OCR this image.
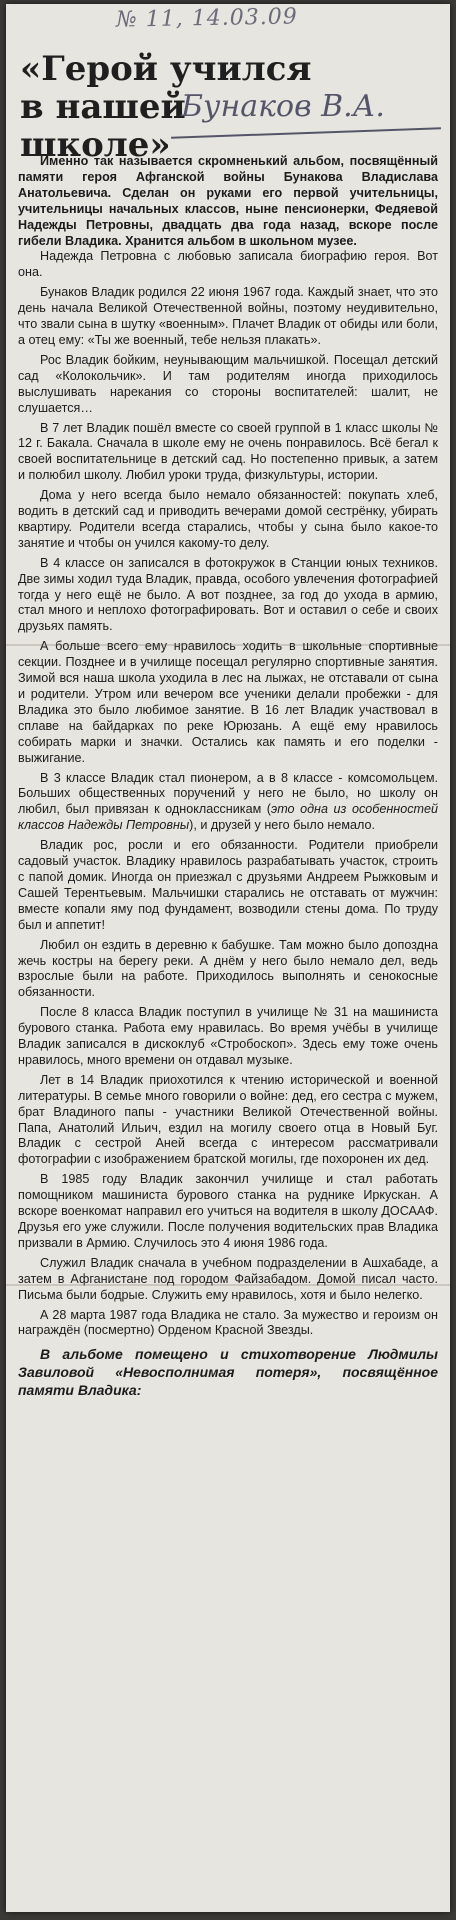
№ 11, 14.03.09
«Герой учился в нашей школе»
Бунаков В.А.

Именно так называется скромненький альбом, посвящённый памяти героя Афганской войны Бунакова Владислава Анатольевича. Сделан он руками его первой учительницы, учительницы начальных классов, ныне пенсионерки, Федяевой Надежды Петровны, двадцать два года назад, вскоре после гибели Владика. Хранится альбом в школьном музее.

Надежда Петровна с любовью записала биографию героя. Вот она.

Бунаков Владик родился 22 июня 1967 года. Каждый знает, что это день начала Великой Отечественной войны, поэтому неудивительно, что звали сына в шутку «военным». Плачет Владик от обиды или боли, а отец ему: «Ты же военный, тебе нельзя плакать».

Рос Владик бойким, неунывающим мальчишкой. Посещал детский сад «Колокольчик». И там родителям иногда приходилось выслушивать нарекания со стороны воспитателей: шалит, не слушается…

В 7 лет Владик пошёл вместе со своей группой в 1 класс школы № 12 г. Бакала. Сначала в школе ему не очень понравилось. Всё бегал к своей воспитательнице в детский сад. Но постепенно привык, а затем и полюбил школу. Любил уроки труда, физкультуры, истории.

Дома у него всегда было немало обязанностей: покупать хлеб, водить в детский сад и приводить вечерами домой сестрёнку, убирать квартиру. Родители всегда старались, чтобы у сына было какое-то занятие и чтобы он учился какому-то делу.

В 4 классе он записался в фотокружок в Станции юных техников. Две зимы ходил туда Владик, правда, особого увлечения фотографией тогда у него ещё не было. А вот позднее, за год до ухода в армию, стал много и неплохо фотографировать. Вот и оставил о себе и своих друзьях память.

А больше всего ему нравилось ходить в школьные спортивные секции. Позднее и в училище посещал регулярно спортивные занятия. Зимой вся наша школа уходила в лес на лыжах, не отставали от сына и родители. Утром или вечером все ученики делали пробежки - для Владика это было любимое занятие. В 16 лет Владик участвовал в сплаве на байдарках по реке Юрюзань. А ещё ему нравилось собирать марки и значки. Остались как память и его поделки - выжигание.

В 3 классе Владик стал пионером, а в 8 классе - комсомольцем. Больших общественных поручений у него не было, но школу он любил, был привязан к одноклассникам (это одна из особенностей классов Надежды Петровны), и друзей у него было немало.

Владик рос, росли и его обязанности. Родители приобрели садовый участок. Владику нравилось разрабатывать участок, строить с папой домик. Иногда он приезжал с друзьями Андреем Рыжковым и Сашей Терентьевым. Мальчишки старались не отставать от мужчин: вместе копали яму под фундамент, возводили стены дома. По труду был и аппетит!

Любил он ездить в деревню к бабушке. Там можно было допоздна жечь костры на берегу реки. А днём у него было немало дел, ведь взрослые были на работе. Приходилось выполнять и сенокосные обязанности.

После 8 класса Владик поступил в училище № 31 на машиниста бурового станка. Работа ему нравилась. Во время учёбы в училище Владик записался в дискоклуб «Стробоскоп». Здесь ему тоже очень нравилось, много времени он отдавал музыке.

Лет в 14 Владик приохотился к чтению исторической и военной литературы. В семье много говорили о войне: дед, его сестра с мужем, брат Владиного папы - участники Великой Отечественной войны. Папа, Анатолий Ильич, ездил на могилу своего отца в Новый Буг. Владик с сестрой Аней всегда с интересом рассматривали фотографии с изображением братской могилы, где похоронен их дед.

В 1985 году Владик закончил училище и стал работать помощником машиниста бурового станка на руднике Иркускан. А вскоре военкомат направил его учиться на водителя в школу ДОСААФ. Друзья его уже служили. После получения водительских прав Владика призвали в Армию. Случилось это 4 июня 1986 года.

Служил Владик сначала в учебном подразделении в Ашхабаде, а затем в Афганистане под городом Файзабадом. Домой писал часто. Письма были бодрые. Служить ему нравилось, хотя и было нелегко.

А 28 марта 1987 года Владика не стало. За мужество и героизм он награждён (посмертно) Орденом Красной Звезды.

В альбоме помещено и стихотворение Людмилы Завиловой «Невосполнимая потеря», посвящённое памяти Владика:
